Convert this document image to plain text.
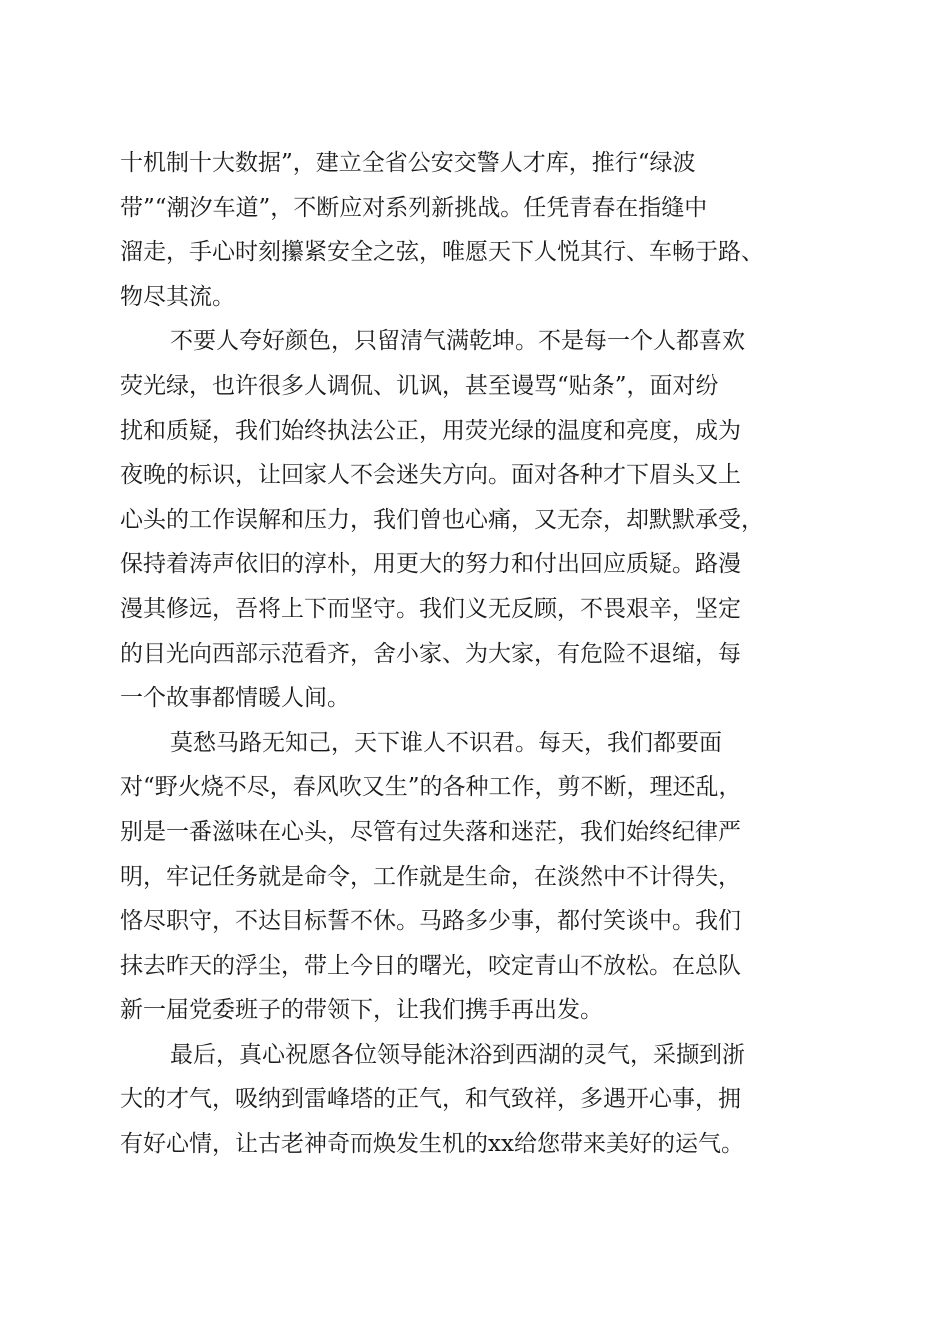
十机制十大数据”，建立全省公安交警人才库，推行“绿波
带”“潮汐车道”，不断应对系列新挑战。任凭青春在指缝中
溜走，手心时刻攥紧安全之弦，唯愿天下人悦其行、车畅于路、
物尽其流。
不要人夸好颜色，只留清气满乾坤。不是每一个人都喜欢
荧光绿，也许很多人调侃、讥讽，甚至谩骂“贴条”，面对纷
扰和质疑，我们始终执法公正，用荧光绿的温度和亮度，成为
夜晚的标识，让回家人不会迷失方向。面对各种才下眉头又上
心头的工作误解和压力，我们曾也心痛，又无奈，却默默承受，
保持着涛声依旧的淳朴，用更大的努力和付出回应质疑。路漫
漫其修远，吾将上下而坚守。我们义无反顾，不畏艰辛，坚定
的目光向西部示范看齐，舍小家、为大家，有危险不退缩，每
一个故事都情暖人间。
莫愁马路无知己，天下谁人不识君。每天，我们都要面
对“野火烧不尽，春风吹又生”的各种工作，剪不断，理还乱，
别是一番滋味在心头，尽管有过失落和迷茫，我们始终纪律严
明，牢记任务就是命令，工作就是生命，在淡然中不计得失，
恪尽职守，不达目标誓不休。马路多少事，都付笑谈中。我们
抹去昨天的浮尘，带上今日的曙光，咬定青山不放松。在总队
新一届党委班子的带领下，让我们携手再出发。
最后，真心祝愿各位领导能沐浴到西湖的灵气，采撷到浙
大的才气，吸纳到雷峰塔的正气，和气致祥，多遇开心事，拥
有好心情，让古老神奇而焕发生机的xx给您带来美好的运气。
